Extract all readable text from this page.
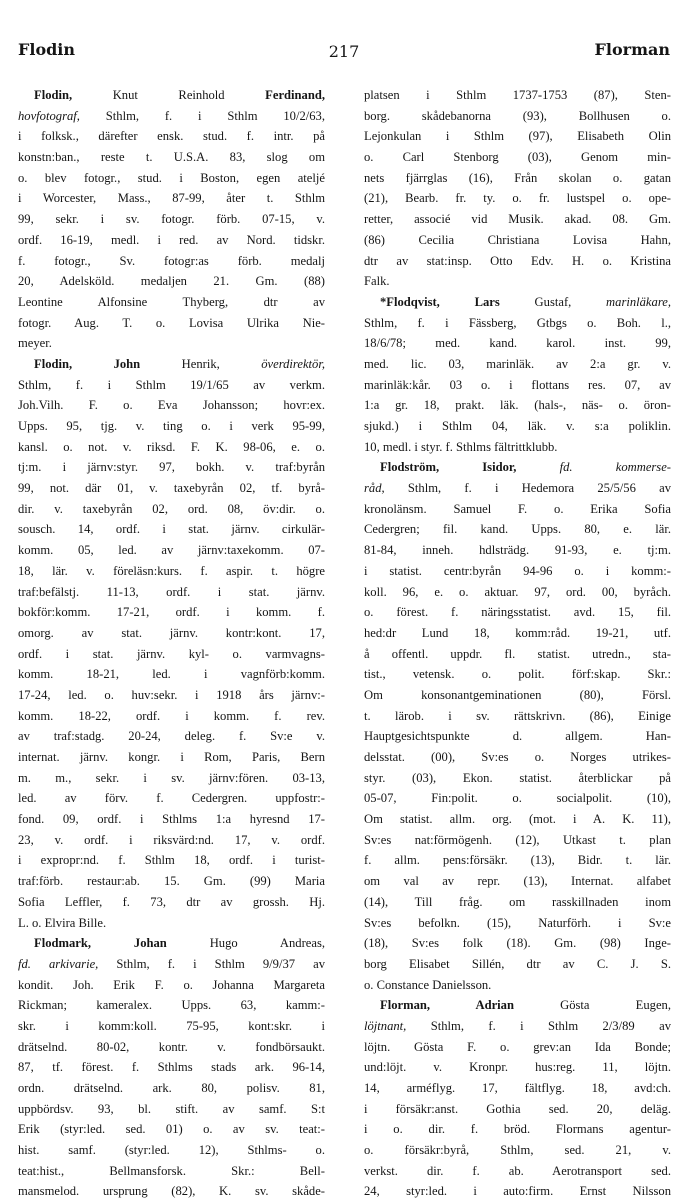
Flodin	217	Florman
Flodin, Knut Reinhold Ferdinand,
hovfotograf, Sthlm, f. i Sthlm 10/2/63,
i folksk., därefter ensk. stud. f. intr. på
konstn:ban., reste t. U.S.A. 83, slog om
o. blev fotogr., stud. i Boston, egen ateljé
i Worcester, Mass., 87-99, åter t. Sthlm
99, sekr. i sv. fotogr. förb. 07-15, v.
ordf. 16-19, medl. i red. av Nord. tidskr.
f. fotogr., Sv. fotogr:as förb. medalj
20, Adelsköld. medaljen 21. Gm. (88)
Leontine Alfonsine Thyberg, dtr av
fotogr. Aug. T. o. Lovisa Ulrika Nie-
meyer.
Flodin, John Henrik, överdirektör,
Sthlm, f. i Sthlm 19/1/65 av verkm.
Joh.Vilh. F. o. Eva Johansson; hovr:ex.
Upps. 95, tjg. v. ting o. i verk 95-99,
kansl. o. not. v. riksd. F. K. 98-06, e. o.
tj:m. i järnv:styr. 97, bokh. v. traf:byrån
99, not. där 01, v. taxebyrån 02, tf. byrå-
dir. v. taxebyrån 02, ord. 08, öv:dir. o.
sousch. 14, ordf. i stat. järnv. cirkulär-
komm. 05, led. av järnv:taxekomm. 07-
18, lär. v. föreläsn:kurs. f. aspir. t. högre
traf:befälstj. 11-13, ordf. i stat. järnv.
bokför:komm. 17-21, ordf. i komm. f.
omorg. av stat. järnv. kontr:kont. 17,
ordf. i stat. järnv. kyl- o. varmvagns-
komm. 18-21, led. i vagnförb:komm.
17-24, led. o. huv:sekr. i 1918 års järnv:-
komm. 18-22, ordf. i komm. f. rev.
av traf:stadg. 20-24, deleg. f. Sv:e v.
internat. järnv. kongr. i Rom, Paris, Bern
m. m., sekr. i sv. järnv:fören. 03-13,
led. av förv. f. Cedergren. uppfostr:-
fond. 09, ordf. i Sthlms 1:a hyresnd 17-
23, v. ordf. i riksvärd:nd. 17, v. ordf.
i expropr:nd. f. Sthlm 18, ordf. i turist-
traf:förb. restaur:ab. 15. Gm. (99) Maria
Sofia Leffler, f. 73, dtr av grossh. Hj.
L. o. Elvira Bille.
Flodmark, Johan Hugo Andreas,
fd. arkivarie, Sthlm, f. i Sthlm 9/9/37 av
kondit. Joh. Erik F. o. Johanna Margareta
Rickman; kameralex. Upps. 63, kamm:-
skr. i komm:koll. 75-95, kont:skr. i
drätselnd. 80-02, kontr. v. fondbörsaukt.
87, tf. förest. f. Sthlms stads ark. 96-14,
ordn. drätselnd. ark. 80, polisv. 81,
uppbördsv. 93, bl. stift. av samf. S:t
Erik (styr:led. sed. 01) o. av sv. teat:-
hist. samf. (styr:led. 12), Sthlms- o.
teat:hist., Bellmansforsk. Skr.: Bell-
mansmelod. ursprung (82), K. sv. skåde-
platsen i Sthlm 1737-1753 (87), Sten-
borg. skådebanorna (93), Bollhusen o.
Lejonkulan i Sthlm (97), Elisabeth Olin
o. Carl Stenborg (03), Genom min-
nets fjärrglas (16), Från skolan o. gatan
(21), Bearb. fr. ty. o. fr. lustspel o. ope-
retter, associé vid Musik. akad. 08. Gm.
(86) Cecilia Christiana Lovisa Hahn,
dtr av stat:insp. Otto Edv. H. o. Kristina
Falk.
*Flodqvist, Lars Gustaf, marinläkare,
Sthlm, f. i Fässberg, Gtbgs o. Boh. l.,
18/6/78; med. kand. karol. inst. 99,
med. lic. 03, marinläk. av 2:a gr. v.
marinläk:kår. 03 o. i flottans res. 07, av
1:a gr. 18, prakt. läk. (hals-, näs- o. öron-
sjukd.) i Sthlm 04, läk. v. s:a poliklin.
10, medl. i styr. f. Sthlms fältrittklubb.
Flodström, Isidor,	fd. kommerse-
råd, Sthlm, f. i Hedemora 25/5/56 av
kronolänsm. Samuel F. o. Erika Sofia
Cedergren; fil. kand. Upps. 80, e. lär.
81-84, inneh. hdlsträdg. 91-93, e. tj:m.
i statist. centr:byrån 94-96 o. i komm:-
koll. 96, e. o. aktuar. 97, ord. 00, byråch.
o. förest. f. näringsstatist. avd. 15, fil.
hed:dr Lund 18, komm:råd. 19-21, utf.
å offentl. uppdr. fl. statist. utredn., sta-
tist., vetensk. o. polit. förf:skap. Skr.:
Om konsonantgeminationen (80), Försl.
t. lärob. i sv. rättskrivn. (86), Einige
Hauptgesichtspunkte d. allgem. Han-
delsstat. (00), Sv:es o. Norges utrikes-
styr. (03), Ekon. statist. återblickar på
05-07, Fin:polit. o. socialpolit. (10),
Om statist. allm. org. (mot. i A. K. 11),
Sv:es nat:förmögenh. (12), Utkast t. plan
f. allm. pens:försäkr. (13), Bidr. t. lär.
om val av repr. (13), Internat. alfabet
(14), Till fråg. om rasskillnaden inom
Sv:es befolkn. (15), Naturförh. i Sv:e
(18), Sv:es folk (18). Gm. (98) Inge-
borg Elisabet Sillén, dtr av C. J. S.
o. Constance Danielsson.
Florman, Adrian Gösta Eugen,
löjtnant, Sthlm, f. i Sthlm 2/3/89 av
löjtn. Gösta F. o. grev:an Ida Bonde;
und:löjt. v. Kronpr. hus:reg. 11, löjtn.
14, arméflyg. 17, fältflyg. 18, avd:ch.
i försäkr:anst. Gothia sed. 20, deläg.
i o. dir. f. bröd. Flormans agentur-
o. försäkr:byrå, Sthlm, sed. 21, v.
verkst. dir. f. ab. Aerotransport sed.
24, styr:led. i auto:firm. Ernst Nilsson
